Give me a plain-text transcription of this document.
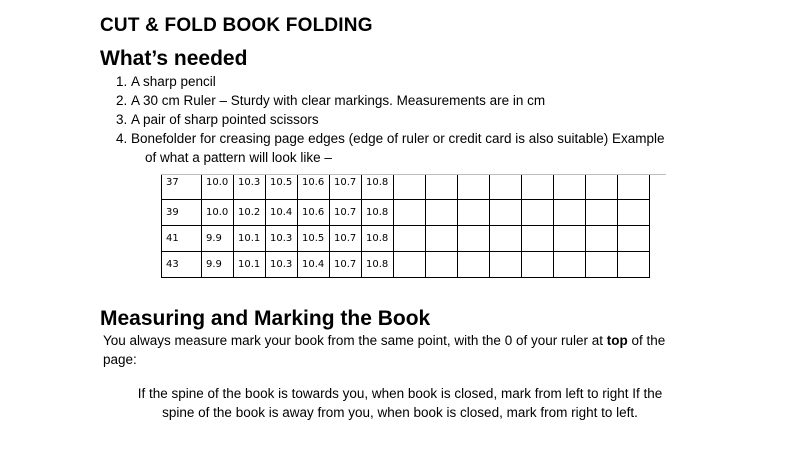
CUT & FOLD BOOK FOLDING
What’s needed
1. A sharp pencil
2. A 30 cm Ruler – Sturdy with clear markings. Measurements are in cm
3. A pair of sharp pointed scissors
4. Bonefolder for creasing page edges (edge of ruler or credit card is also suitable) Example
of what a pattern will look like –
37	10.0	10.3	10.5	10.6	10.7	10.8								
39	10.0	10.2	10.4	10.6	10.7	10.8								
41	9.9	10.1	10.3	10.5	10.7	10.8								
43	9.9	10.1	10.3	10.4	10.7	10.8								
Measuring and Marking the Book
You always measure mark your book from the same point, with the 0 of your ruler at top of the page:
If the spine of the book is towards you, when book is closed, mark from left to right If the spine of the book is away from you, when book is closed, mark from right to left.
